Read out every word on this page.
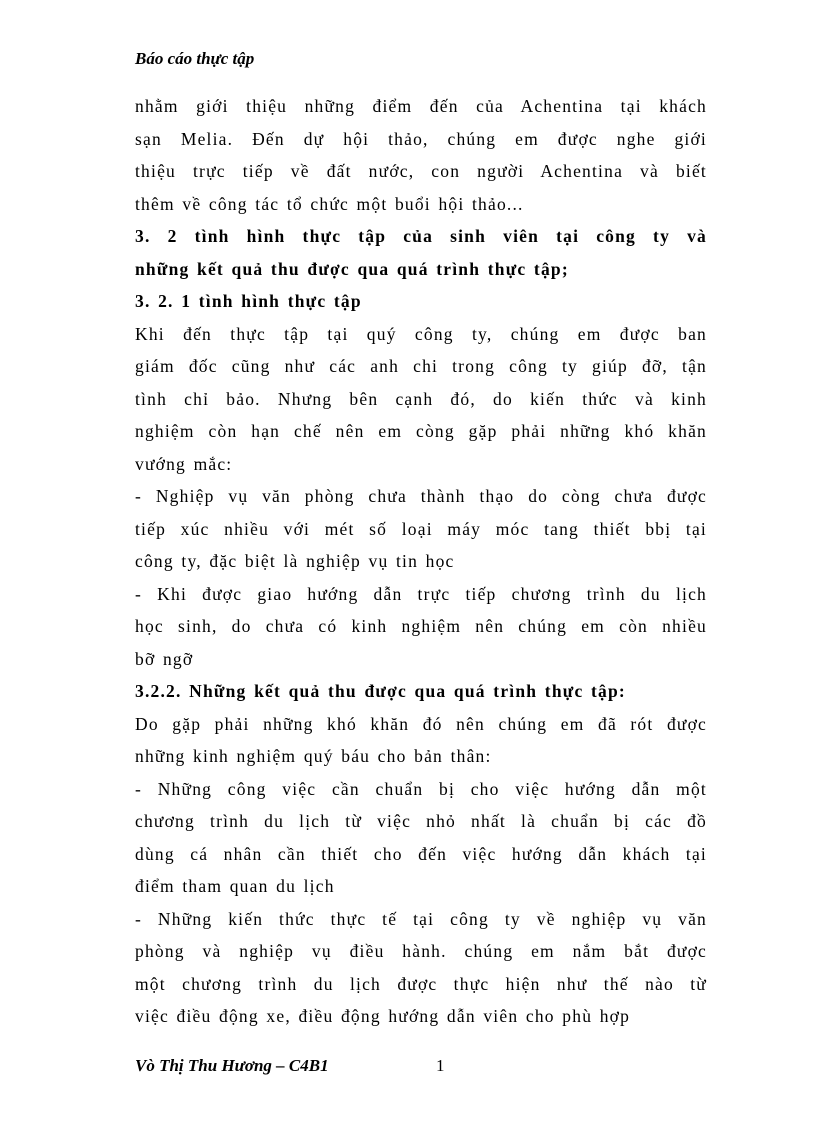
Báo cáo thực tập
nhằm giới thiệu những điểm đến của Achentina tại khách
sạn Melia. Đến dự hội thảo, chúng em được nghe giới
thiệu trực tiếp về đất nước, con người Achentina và biết
thêm về công tác tổ chức một buổi hội thảo...
3. 2 tình hình thực tập của sinh viên tại công ty và
những kết quả thu được qua quá trình thực tập;
3. 2. 1 tình hình thực tập
Khi đến thực tập tại quý công ty, chúng em được ban
giám đốc cũng như các anh chi trong công ty giúp đỡ, tận
tình chỉ bảo. Nhưng bên cạnh đó, do kiến thức và kinh
nghiệm còn hạn chế nên em còng gặp phải những khó khăn
vướng mắc:
- Nghiệp vụ văn phòng chưa thành thạo do còng chưa được
tiếp xúc nhiều với mét số loại máy móc tang thiết bbị tại
công ty, đặc biệt là nghiệp vụ tin học
- Khi được giao hướng dẫn trực tiếp chương trình du lịch
học sinh, do chưa có kinh nghiệm nên chúng em còn nhiều
bỡ ngỡ
3.2.2. Những kết quả thu được qua quá trình thực tập:
Do gặp phải những khó khăn đó nên chúng em đã rót được
những kinh nghiệm quý báu cho bản thân:
- Những công việc cần chuẩn bị cho việc hướng dẫn một
chương trình du lịch từ việc nhỏ nhất là chuẩn bị các đồ
dùng cá nhân cần thiết cho đến việc hướng dẫn khách tại
điểm tham quan du lịch
- Những kiến thức thực tế tại công ty về nghiệp vụ văn
phòng và nghiệp vụ điều hành. chúng em nắm bắt được
một chương trình du lịch được thực hiện như thế nào từ
việc điều động xe, điều động hướng dẫn viên cho phù hợp
Vò Thị Thu Hương – C4B1	1
